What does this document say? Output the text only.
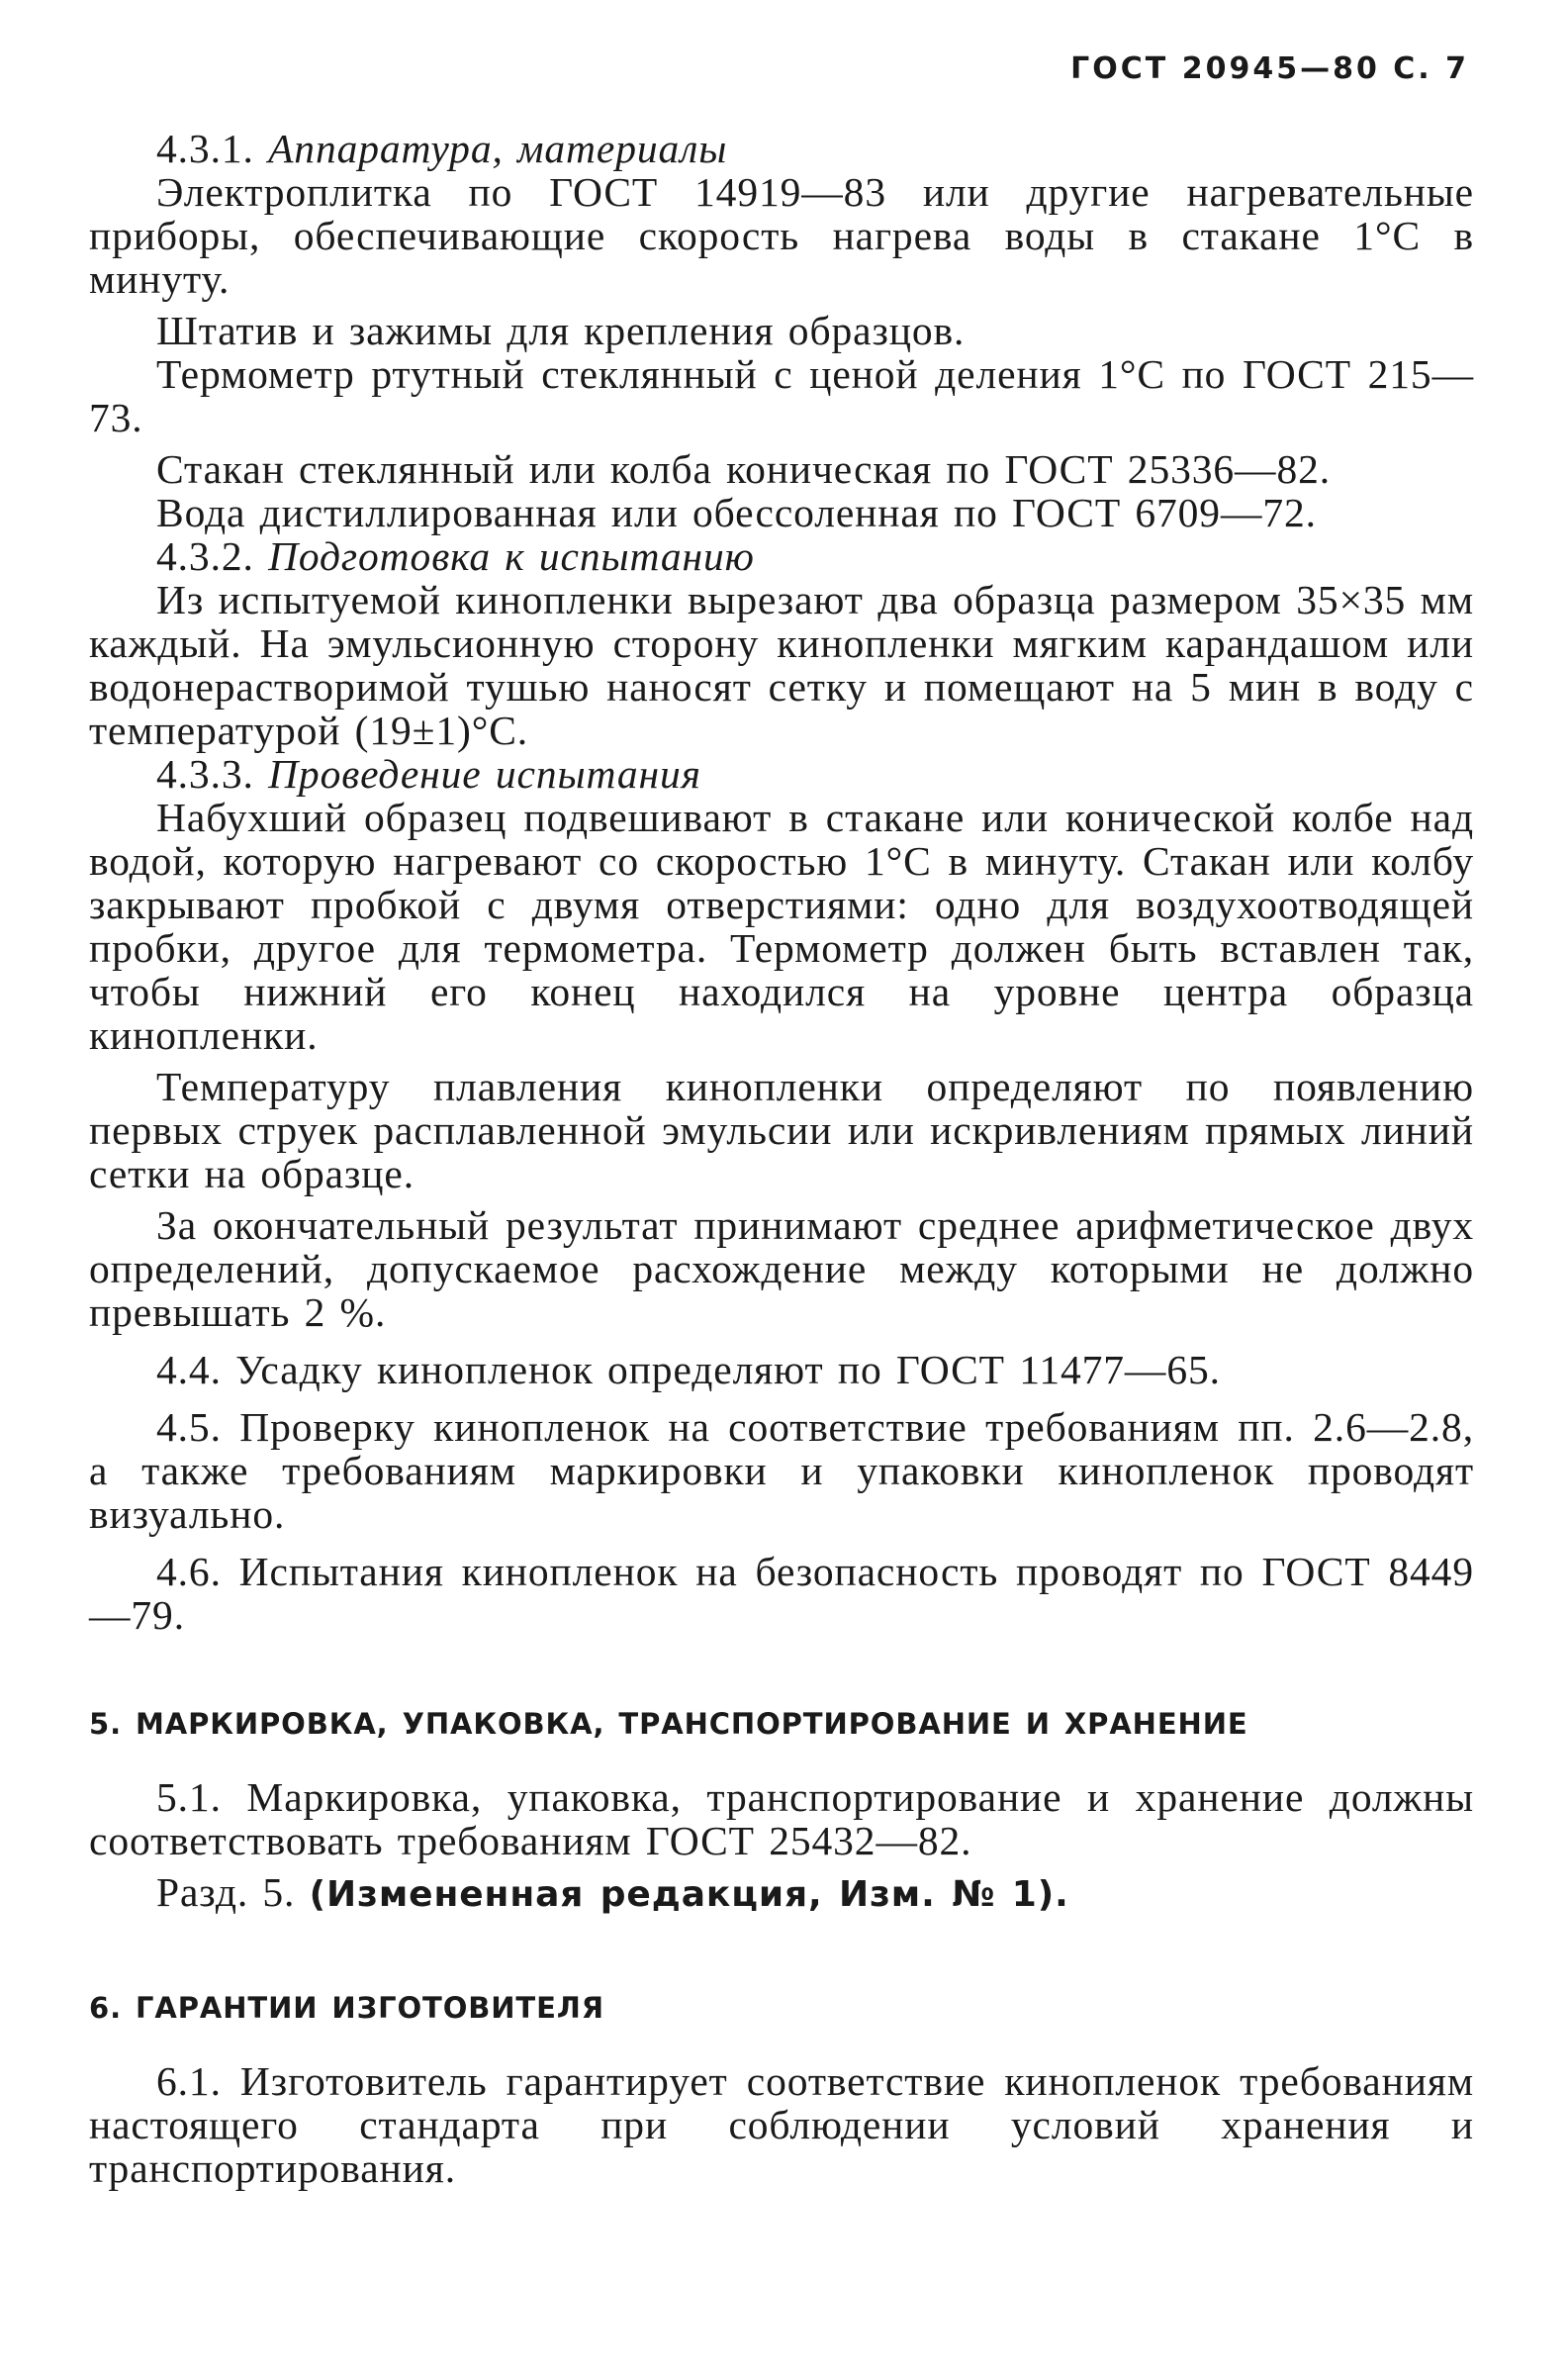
ГОСТ 20945—80 С. 7

4.3.1. Аппаратура, материалы

Электроплитка по ГОСТ 14919—83 или другие нагревательные приборы, обеспечивающие скорость нагрева воды в стакане 1°С в минуту.

Штатив и зажимы для крепления образцов.

Термометр ртутный стеклянный с ценой деления 1°С по ГОСТ 215—73.

Стакан стеклянный или колба коническая по ГОСТ 25336—82.

Вода дистиллированная или обессоленная по ГОСТ 6709—72.

4.3.2. Подготовка к испытанию

Из испытуемой кинопленки вырезают два образца размером 35×35 мм каждый. На эмульсионную сторону кинопленки мягким карандашом или водонерастворимой тушью наносят сетку и помещают на 5 мин в воду с температурой (19±1)°С.

4.3.3. Проведение испытания

Набухший образец подвешивают в стакане или конической колбе над водой, которую нагревают со скоростью 1°С в минуту. Стакан или колбу закрывают пробкой с двумя отверстиями: одно для воздухоотводящей пробки, другое для термометра. Термометр должен быть вставлен так, чтобы нижний его конец находился на уровне центра образца кинопленки.

Температуру плавления кинопленки определяют по появлению первых струек расплавленной эмульсии или искривлениям прямых линий сетки на образце.

За окончательный результат принимают среднее арифметическое двух определений, допускаемое расхождение между которыми не должно превышать 2 %.

4.4. Усадку кинопленок определяют по ГОСТ 11477—65.

4.5. Проверку кинопленок на соответствие требованиям пп. 2.6—2.8, а также требованиям маркировки и упаковки кинопленок проводят визуально.

4.6. Испытания кинопленок на безопасность проводят по ГОСТ 8449—79.

5. МАРКИРОВКА, УПАКОВКА, ТРАНСПОРТИРОВАНИЕ И ХРАНЕНИЕ

5.1. Маркировка, упаковка, транспортирование и хранение должны соответствовать требованиям ГОСТ 25432—82.

Разд. 5. (Измененная редакция, Изм. № 1).

6. ГАРАНТИИ ИЗГОТОВИТЕЛЯ

6.1. Изготовитель гарантирует соответствие кинопленок требованиям настоящего стандарта при соблюдении условий хранения и транспортирования.
